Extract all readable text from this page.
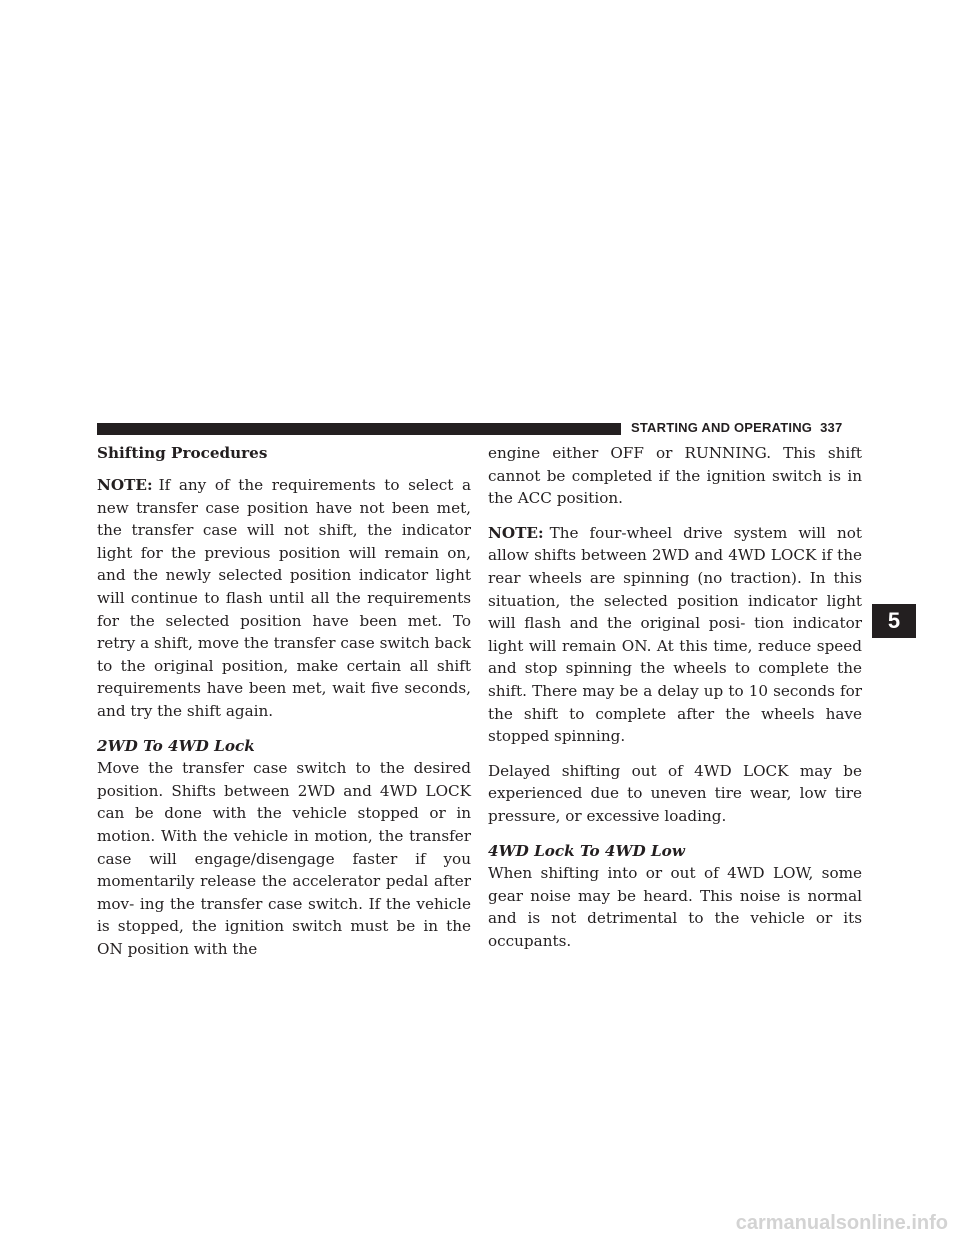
STARTING AND OPERATING 337
5
Shifting Procedures

NOTE: If any of the requirements to select a new transfer case position have not been met, the transfer case will not shift, the indicator light for the previous position will remain on, and the newly selected position indicator light will continue to flash until all the requirements for the selected position have been met. To retry a shift, move the transfer case switch back to the original position, make certain all shift requirements have been met, wait five seconds, and try the shift again.

2WD To 4WD Lock

Move the transfer case switch to the desired position. Shifts between 2WD and 4WD LOCK can be done with the vehicle stopped or in motion. With the vehicle in motion, the transfer case will engage/disengage faster if you momentarily release the accelerator pedal after mov- ing the transfer case switch. If the vehicle is stopped, the ignition switch must be in the ON position with the

engine either OFF or RUNNING. This shift cannot be completed if the ignition switch is in the ACC position.

NOTE: The four-wheel drive system will not allow shifts between 2WD and 4WD LOCK if the rear wheels are spinning (no traction). In this situation, the selected position indicator light will flash and the original posi- tion indicator light will remain ON. At this time, reduce speed and stop spinning the wheels to complete the shift. There may be a delay up to 10 seconds for the shift to complete after the wheels have stopped spinning.

Delayed shifting out of 4WD LOCK may be experienced due to uneven tire wear, low tire pressure, or excessive loading.

4WD Lock To 4WD Low

When shifting into or out of 4WD LOW, some gear noise may be heard. This noise is normal and is not detrimental to the vehicle or its occupants.

carmanualsonline.info
